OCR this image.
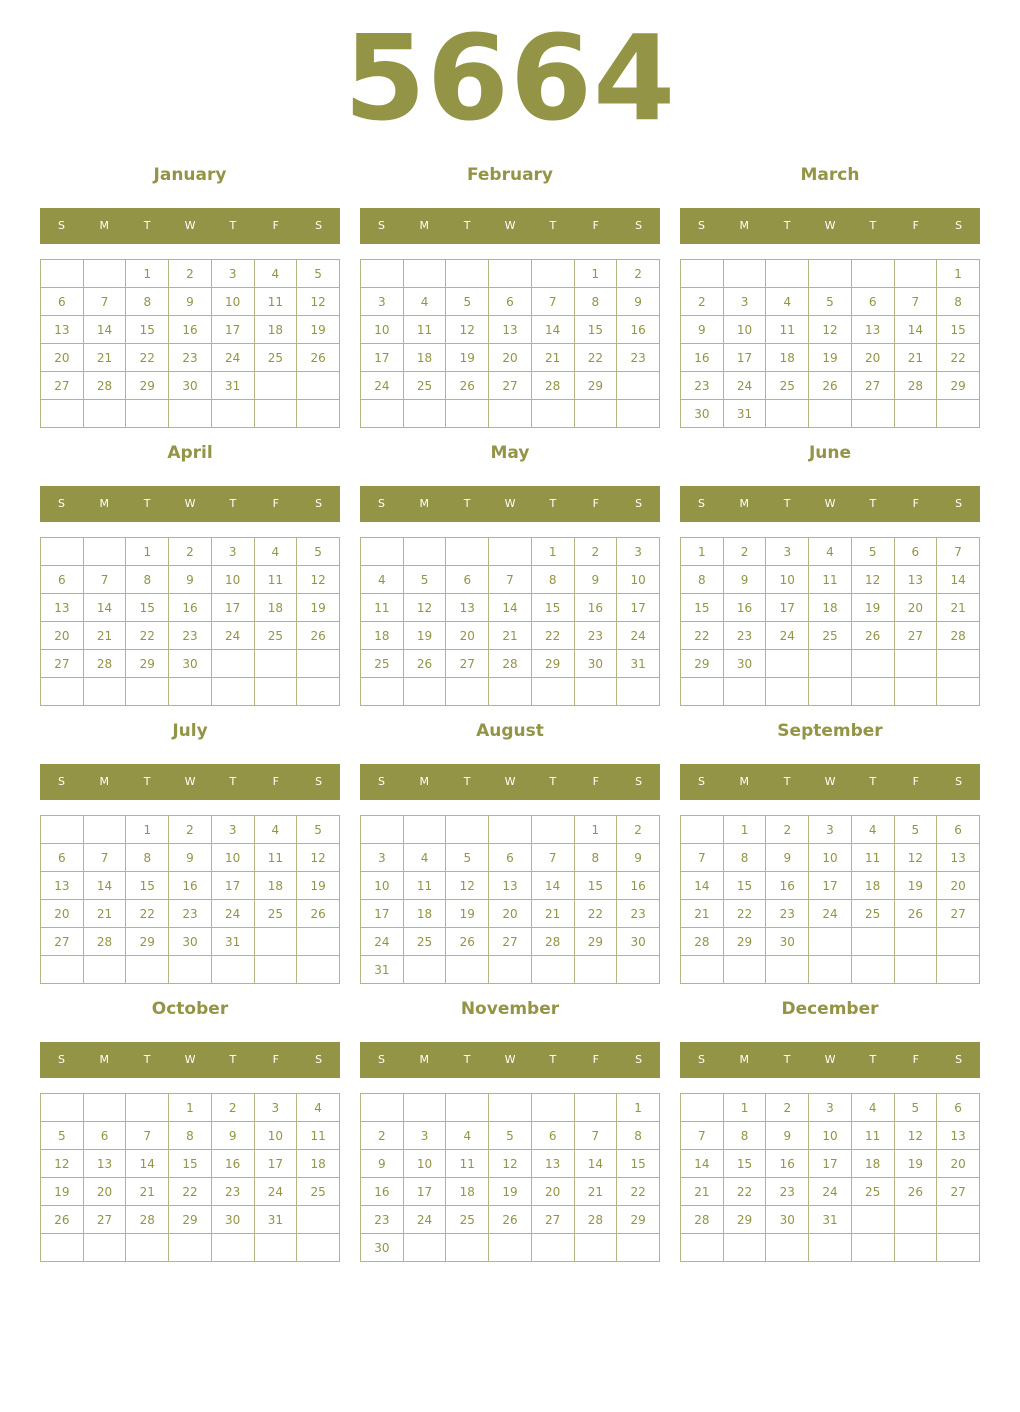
5664
January
S	M	T	W	T	F	S
		1	2	3	4	5
6	7	8	9	10	11	12
13	14	15	16	17	18	19
20	21	22	23	24	25	26
27	28	29	30	31		

February
S	M	T	W	T	F	S
					1	2
3	4	5	6	7	8	9
10	11	12	13	14	15	16
17	18	19	20	21	22	23
24	25	26	27	28	29	

March
S	M	T	W	T	F	S
						1
2	3	4	5	6	7	8
9	10	11	12	13	14	15
16	17	18	19	20	21	22
23	24	25	26	27	28	29
30	31					
April
S	M	T	W	T	F	S
		1	2	3	4	5
6	7	8	9	10	11	12
13	14	15	16	17	18	19
20	21	22	23	24	25	26
27	28	29	30			

May
S	M	T	W	T	F	S
				1	2	3
4	5	6	7	8	9	10
11	12	13	14	15	16	17
18	19	20	21	22	23	24
25	26	27	28	29	30	31

June
S	M	T	W	T	F	S
1	2	3	4	5	6	7
8	9	10	11	12	13	14
15	16	17	18	19	20	21
22	23	24	25	26	27	28
29	30					

July
S	M	T	W	T	F	S
		1	2	3	4	5
6	7	8	9	10	11	12
13	14	15	16	17	18	19
20	21	22	23	24	25	26
27	28	29	30	31		

August
S	M	T	W	T	F	S
					1	2
3	4	5	6	7	8	9
10	11	12	13	14	15	16
17	18	19	20	21	22	23
24	25	26	27	28	29	30
31						
September
S	M	T	W	T	F	S
	1	2	3	4	5	6
7	8	9	10	11	12	13
14	15	16	17	18	19	20
21	22	23	24	25	26	27
28	29	30				

October
S	M	T	W	T	F	S
			1	2	3	4
5	6	7	8	9	10	11
12	13	14	15	16	17	18
19	20	21	22	23	24	25
26	27	28	29	30	31	

November
S	M	T	W	T	F	S
						1
2	3	4	5	6	7	8
9	10	11	12	13	14	15
16	17	18	19	20	21	22
23	24	25	26	27	28	29
30						
December
S	M	T	W	T	F	S
	1	2	3	4	5	6
7	8	9	10	11	12	13
14	15	16	17	18	19	20
21	22	23	24	25	26	27
28	29	30	31			
